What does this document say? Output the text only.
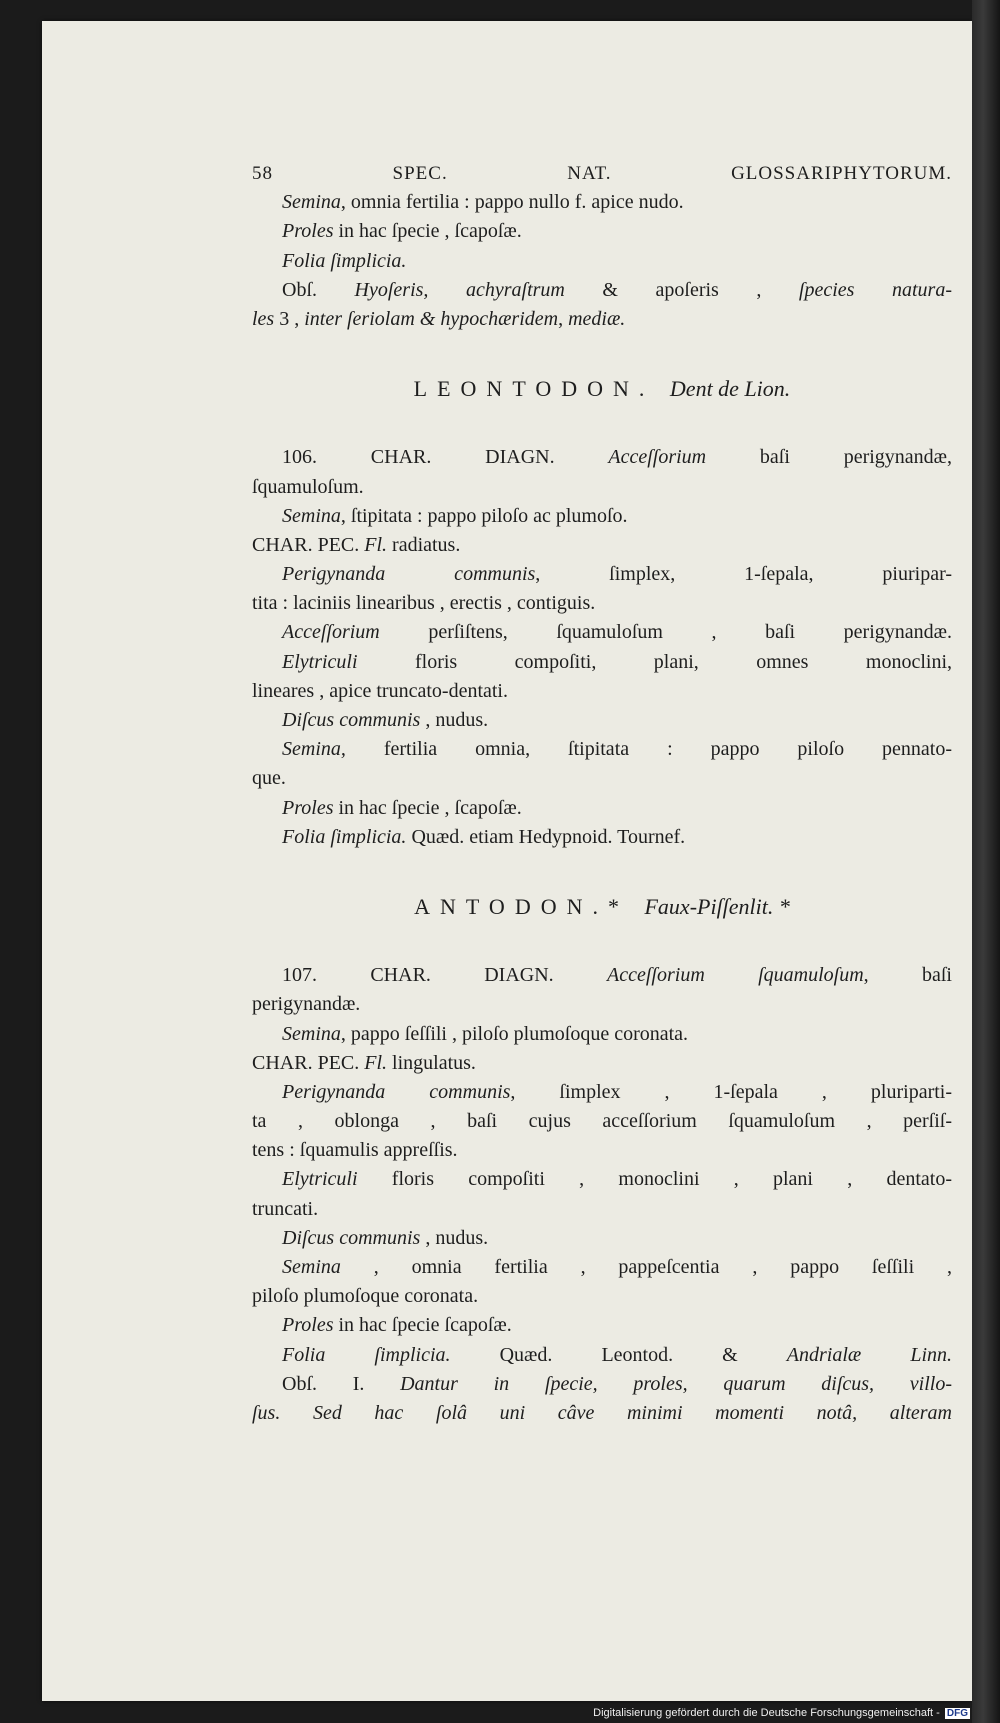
58	SPEC. NAT. GLOSSARIPHYTORUM.
Semina, omnia fertilia : pappo nullo f. apice nudo.
Proles in hac ſpecie , ſcapoſæ.
Folia ſimplicia.
Obſ. Hyoſeris, achyraſtrum & apoſeris , ſpecies natura-
les 3 , inter ſeriolam & hypochæridem, mediæ.
LEONTODON. Dent de Lion.
106. CHAR. DIAGN. Acceſſorium baſi perigynandæ,
ſquamuloſum.
Semina, ſtipitata : pappo piloſo ac plumoſo.
CHAR. PEC. Fl. radiatus.
Perigynanda communis, ſimplex, 1-ſepala, piuripar-
tita : laciniis linearibus , erectis , contiguis.
Acceſſorium perſiſtens, ſquamuloſum , baſi perigynandæ.
Elytriculi floris compoſiti, plani, omnes monoclini,
lineares , apice truncato-dentati.
Diſcus communis , nudus.
Semina, fertilia omnia, ſtipitata : pappo piloſo pennato-
que.
Proles in hac ſpecie , ſcapoſæ.
Folia ſimplicia. Quæd. etiam Hedypnoid. Tournef.
ANTODON.* Faux-Piſſenlit. *
107. CHAR. DIAGN. Acceſſorium ſquamuloſum, baſi
perigynandæ.
Semina, pappo ſeſſili , piloſo plumoſoque coronata.
CHAR. PEC. Fl. lingulatus.
Perigynanda communis, ſimplex , 1-ſepala , pluriparti-
ta , oblonga , baſi cujus acceſſorium ſquamuloſum , perſiſ-
tens : ſquamulis appreſſis.
Elytriculi floris compoſiti , monoclini , plani , dentato-
truncati.
Diſcus communis , nudus.
Semina , omnia fertilia , pappeſcentia , pappo ſeſſili ,
piloſo plumoſoque coronata.
Proles in hac ſpecie ſcapoſæ.
Folia ſimplicia. Quæd. Leontod. & Andrialæ Linn.
Obſ. I. Dantur in ſpecie, proles, quarum diſcus, villo-
ſus. Sed hac ſolâ uni câve minimi momenti notâ, alteram
Digitalisierung gefördert durch die Deutsche Forschungsgemeinschaft - DFG
